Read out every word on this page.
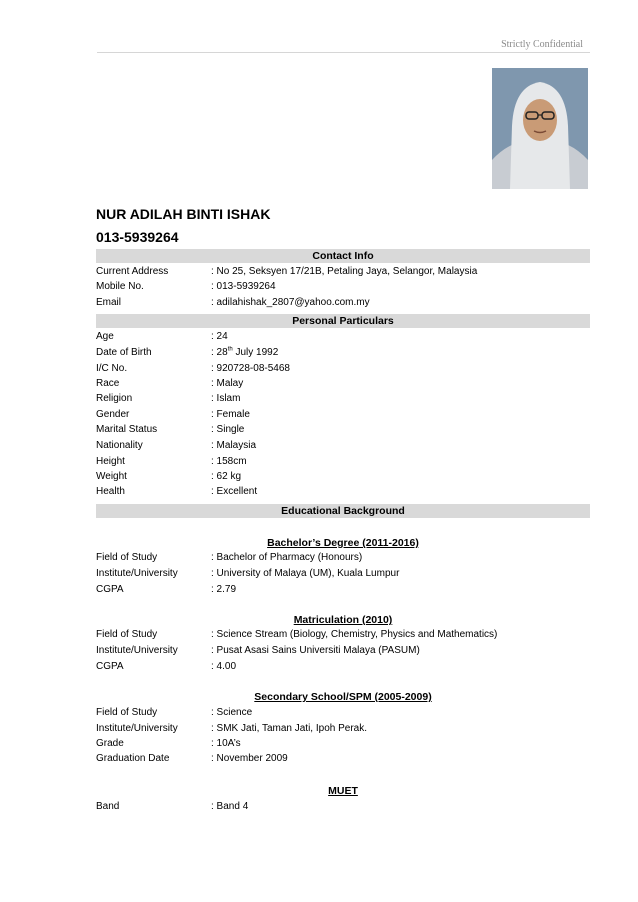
Strictly Confidential
NUR ADILAH BINTI ISHAK
013-5939264
Contact Info
Current Address	: No 25, Seksyen 17/21B, Petaling Jaya, Selangor, Malaysia
Mobile No.	: 013-5939264
Email	: adilahishak_2807@yahoo.com.my
Personal Particulars
Age	: 24
Date of Birth	: 28th July 1992
I/C No.	: 920728-08-5468
Race	: Malay
Religion	: Islam
Gender	: Female
Marital Status	: Single
Nationality	: Malaysia
Height	: 158cm
Weight	: 62 kg
Health	: Excellent
Educational Background
Bachelor’s Degree (2011-2016)
Field of Study	: Bachelor of Pharmacy (Honours)
Institute/University	: University of Malaya (UM), Kuala Lumpur
CGPA	: 2.79
Matriculation (2010)
Field of Study	: Science Stream (Biology, Chemistry, Physics and Mathematics)
Institute/University	: Pusat Asasi Sains Universiti Malaya (PASUM)
CGPA	: 4.00
Secondary School/SPM (2005-2009)
Field of Study	: Science
Institute/University	: SMK Jati, Taman Jati, Ipoh Perak.
Grade	: 10A’s
Graduation Date	: November 2009
MUET
Band	: Band 4
